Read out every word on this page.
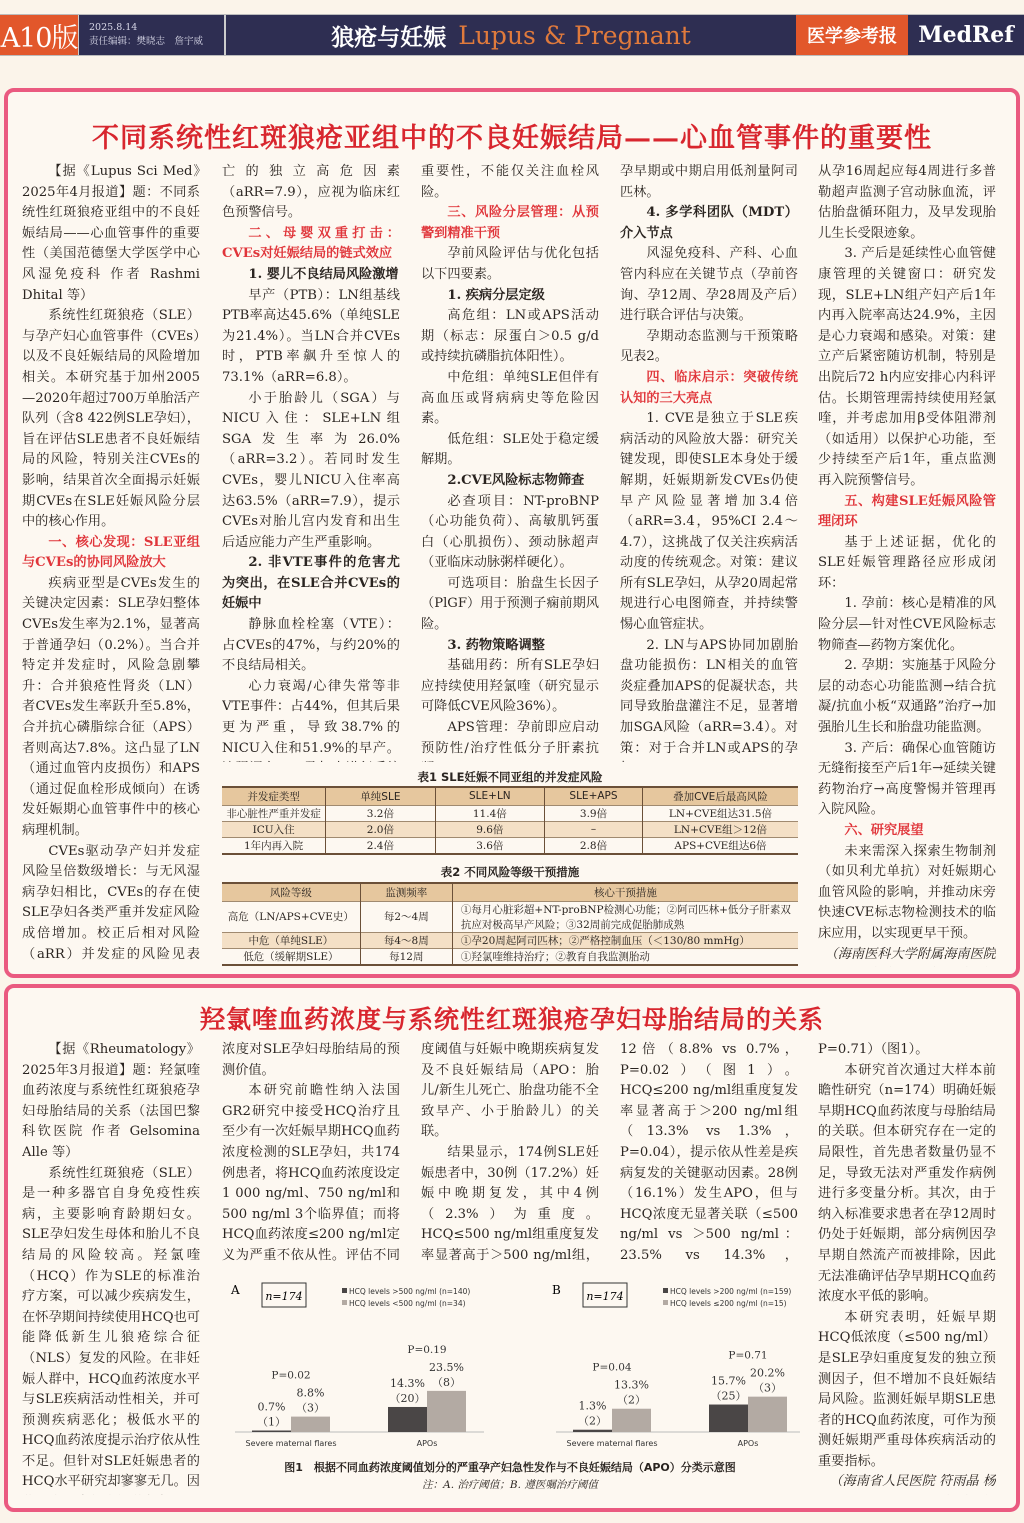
A10版 2025.8.14
责任编辑：樊晓志　詹宇威	狼疮与妊娠 Lupus & Pregnant	医学参考报 MedRef
不同系统性红斑狼疮亚组中的不良妊娠结局——心血管事件的重要性

【据《Lupus Sci Med》2025年4月报道】题：不同系统性红斑狼疮亚组中的不良妊娠结局——心血管事件的重要性（美国范德堡大学医学中心风湿免疫科 作者 Rashmi Dhital 等）

系统性红斑狼疮（SLE）与孕产妇心血管事件（CVEs）以及不良妊娠结局的风险增加相关。本研究基于加州2005—2020年超过700万单胎活产队列（含8 422例SLE孕妇），旨在评估SLE患者不良妊娠结局的风险，特别关注CVEs的影响，结果首次全面揭示妊娠期CVEs在SLE妊娠风险分层中的核心作用。

一、核心发现：SLE亚组与CVEs的协同风险放大

疾病亚型是CVEs发生的关键决定因素：SLE孕妇整体CVEs发生率为2.1%，显著高于普通孕妇（0.2%）。当合并特定并发症时，风险急剧攀升：合并狼疮性肾炎（LN）者CVEs发生率跃升至5.8%，合并抗心磷脂综合征（APS）者则高达7.8%。这凸显了LN（通过血管内皮损伤）和APS（通过促血栓形成倾向）在诱发妊娠期心血管事件中的核心病理机制。

CVEs驱动孕产妇并发症风险呈倍数级增长：与无风湿病孕妇相比，CVEs的存在使SLE孕妇各类严重并发症风险成倍增加。校正后相对风险（aRR）并发症的风险见表

亡的独立高危因素（aRR=7.9），应视为临床红色预警信号。

二、母婴双重打击：CVEs对妊娠结局的链式效应

1. 婴儿不良结局风险激增

早产（PTB）：LN组基线PTB率高达45.6%（单纯SLE为21.4%）。当LN合并CVEs时，PTB率飙升至惊人的73.1%（aRR=6.8）。

小于胎龄儿（SGA）与NICU入住：SLE+LN组SGA发生率为26.0%（aRR=3.2）。若同时发生CVEs，婴儿NICU入住率高达63.5%（aRR=7.9），提示CVEs对胎儿宫内发育和出生后适应能力产生严重影响。

2. 非VTE事件的危害尤为突出，在SLE合并CVEs的妊娠中

静脉血栓栓塞（VTE）：占CVEs的47%，与约20%的不良结局相关。

心力衰竭/心律失常等非VTE事件：占44%，但其后果更为严重，导致38.7%的NICU入住和51.9%的早产。

重要性，不能仅关注血栓风险。

三、风险分层管理：从预警到精准干预

孕前风险评估与优化包括以下四要素。

1. 疾病分层定级

高危组：LN或APS活动期（标志：尿蛋白＞0.5 g/d或持续抗磷脂抗体阳性）。

中危组：单纯SLE但伴有高血压或肾病病史等危险因素。

低危组：SLE处于稳定缓解期。

2.CVE风险标志物筛查

必查项目：NT-proBNP（心功能负荷）、高敏肌钙蛋白（心肌损伤）、颈动脉超声（亚临床动脉粥样硬化）。

可选项目：胎盘生长因子（PlGF）用于预测子痫前期风险。

3. 药物策略调整

基础用药：所有SLE孕妇应持续使用羟氯喹（研究显示可降低CVE风险36%）。

APS管理：孕前即应启动预防性/治疗性低分子肝素抗

孕早期或中期启用低剂量阿司匹林。

4. 多学科团队（MDT）介入节点

风湿免疫科、产科、心血管内科应在关键节点（孕前咨询、孕12周、孕28周及产后）进行联合评估与决策。

孕期动态监测与干预策略见表2。

四、临床启示：突破传统认知的三大亮点

1. CVE是独立于SLE疾病活动的风险放大器：研究关键发现，即使SLE本身处于缓解期，妊娠期新发CVEs仍使早产风险显著增加3.4倍（aRR=3.4，95%CI 2.4～4.7），这挑战了仅关注疾病活动度的传统观念。对策：建议所有SLE孕妇，从孕20周起常规进行心电图筛查，并持续警惕心血管症状。

2. LN与APS协同加剧胎盘功能损伤：LN相关的血管炎症叠加APS的促凝状态，共同导致胎盘灌注不足，显著增加SGA风险（aRR=3.4）。对策：对于合并LN或APS的孕

从孕16周起应每4周进行多普勒超声监测子宫动脉血流，评估胎盘循环阻力，及早发现胎儿生长受限迹象。

3. 产后是延续性心血管健康管理的关键窗口：研究发现，SLE+LN组产妇产后1年内再入院率高达24.9%，主因是心力衰竭和感染。对策：建立产后紧密随访机制，特别是出院后72 h内应安排心内科评估。长期管理需持续使用羟氯喹，并考虑加用β受体阻滞剂（如适用）以保护心功能，至少持续至产后1年，重点监测再入院预警信号。

五、构建SLE妊娠风险管理闭环

基于上述证据，优化的SLE妊娠管理路径应形成闭环：

1. 孕前：核心是精准的风险分层—针对性CVE风险标志物筛查—药物方案优化。

2. 孕期：实施基于风险分层的动态心功能监测→结合抗凝/抗血小板“双通路”治疗→加强胎儿生长和胎盘功能监测。

3. 产后：确保心血管随访无缝衔接至产后1年→延续关键药物治疗→高度警惕并管理再入院风险。

六、研究展望

未来需深入探索生物制剂（如贝利尤单抗）对妊娠期心血管风险的影响，并推动床旁快速CVE标志物检测技术的临床应用，以实现更早干预。

（海南医科大学附属海南医院

表1 SLE妊娠不同亚组的并发症风险
并发症类型	单纯SLE	SLE+LN	SLE+APS	叠加CVE后最高风险
非心脏性严重并发症	3.2倍	11.4倍	3.9倍	LN+CVE组达31.5倍
ICU入住	2.0倍	9.6倍	–	LN+CVE组＞12倍
1年内再入院	2.4倍	3.6倍	2.8倍	APS+CVE组达6倍
表2 不同风险等级干预措施
风险等级	监测频率	核心干预措施
高危（LN/APS+CVE史）	每2～4周	①每月心脏彩超+NT-proBNP检测心功能；②阿司匹林+低分子肝素双抗应对极高早产风险；③32周前完成促胎肺成熟
中危（单纯SLE）	每4～8周	①孕20周起阿司匹林；②严格控制血压（＜130/80 mmHg）
低危（缓解期SLE）	每12周	①羟氯喹维持治疗；②教育自我监测胎动
羟氯喹血药浓度与系统性红斑狼疮孕妇母胎结局的关系

【据《Rheumatology》2025年3月报道】题：羟氯喹血药浓度与系统性红斑狼疮孕妇母胎结局的关系（法国巴黎科钦医院 作者 Gelsomina Alle 等）

系统性红斑狼疮（SLE）是一种多器官自身免疫性疾病，主要影响育龄期妇女。SLE孕妇发生母体和胎儿不良结局的风险较高。羟氯喹（HCQ）作为SLE的标准治疗方案，可以减少疾病发生，在怀孕期间持续使用HCQ也可能降低新生儿狼疮综合征（NLS）复发的风险。在非妊娠人群中，HCQ血药浓度水平与SLE疾病活动性相关，并可预测疾病恶化；极低水平的HCQ血药浓度提示治疗依从性不足。但针对SLE妊娠患者的HCQ水平研究却寥寥无几。因

浓度对SLE孕妇母胎结局的预测价值。

本研究前瞻性纳入法国GR2研究中接受HCQ治疗且至少有一次妊娠早期HCQ血药浓度检测的SLE孕妇，共174例患者，将HCQ血药浓度设定1 000 ng/ml、750 ng/ml和500 ng/ml 3个临界值；而将HCQ血药浓度≤200 ng/ml定义为严重不依从性。评估不同

度阈值与妊娠中晚期疾病复发及不良妊娠结局（APO：胎儿/新生儿死亡、胎盘功能不全致早产、小于胎龄儿）的关联。

结果显示，174例SLE妊娠患者中，30例（17.2%）妊娠中晚期复发，其中4例（2.3%）为重度。HCQ≤500 ng/ml组重度复发率显著高于＞500 ng/ml组，

12倍（8.8% vs 0.7%，P=0.02）（图1）。HCQ≤200 ng/ml组重度复发率显著高于＞200 ng/ml组（13.3% vs 1.3%，P=0.04），提示依从性差是疾病复发的关键驱动因素。28例（16.1%）发生APO，但与HCQ浓度无显著关联（≤500 ng/ml vs ＞500 ng/ml：23.5% vs 14.3%，

P=0.71）（图1）。

本研究首次通过大样本前瞻性研究（n=174）明确妊娠早期HCQ血药浓度与母胎结局的关联。但本研究存在一定的局限性，首先患者数量仍显不足，导致无法对严重发作病例进行多变量分析。其次，由于纳入标准要求患者在孕12周时仍处于妊娠期，部分病例因孕早期自然流产而被排除，因此无法准确评估孕早期HCQ血药浓度水平低的影响。

本研究表明，妊娠早期HCQ低浓度（≤500 ng/ml）是SLE孕妇重度复发的独立预测因子，但不增加不良妊娠结局风险。监测妊娠早期SLE患者的HCQ血药浓度，可作为预测妊娠期严重母体疾病活动的重要指标。

（海南省人民医院 符雨晶 杨

A n=174	HCQ levels >500 ng/ml (n=140)
HCQ levels <500 ng/ml (n=34)
0.7%
（1）
8.8%
（3）
P=0.02
Severe maternal flares
14.3%
（20）
23.5%
（8）
P=0.19
APOs
B n=174	HCQ levels >200 ng/ml (n=159)
HCQ levels ≤200 ng/ml (n=15)
1.3%
（2）
13.3%
（2）
P=0.04
Severe maternal flares
15.7%
（25）
20.2%
（3）
P=0.71
APOs
图1　根据不同血药浓度阈值划分的严重孕产妇急性发作与不良妊娠结局（APO）分类示意图
注：A. 治疗阈值；B. 遵医嘱治疗阈值
